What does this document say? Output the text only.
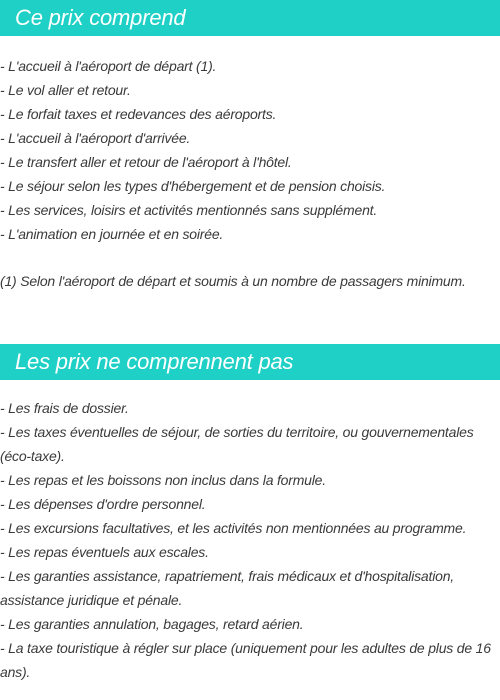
Ce prix comprend
- L'accueil à l'aéroport de départ (1).
- Le vol aller et retour.
- Le forfait taxes et redevances des aéroports.
- L'accueil à l'aéroport d'arrivée.
- Le transfert aller et retour de l'aéroport à l'hôtel.
- Le séjour selon les types d'hébergement et de pension choisis.
- Les services, loisirs et activités mentionnés sans supplément.
- L'animation en journée et en soirée.
(1) Selon l'aéroport de départ et soumis à un nombre de passagers minimum.
Les prix ne comprennent pas
- Les frais de dossier.
- Les taxes éventuelles de séjour, de sorties du territoire, ou gouvernementales (éco-taxe).
- Les repas et les boissons non inclus dans la formule.
- Les dépenses d'ordre personnel.
- Les excursions facultatives, et les activités non mentionnées au programme.
- Les repas éventuels aux escales.
- Les garanties assistance, rapatriement, frais médicaux et d'hospitalisation, assistance juridique et pénale.
- Les garanties annulation, bagages, retard aérien.
- La taxe touristique à régler sur place (uniquement pour les adultes de plus de 16 ans).
